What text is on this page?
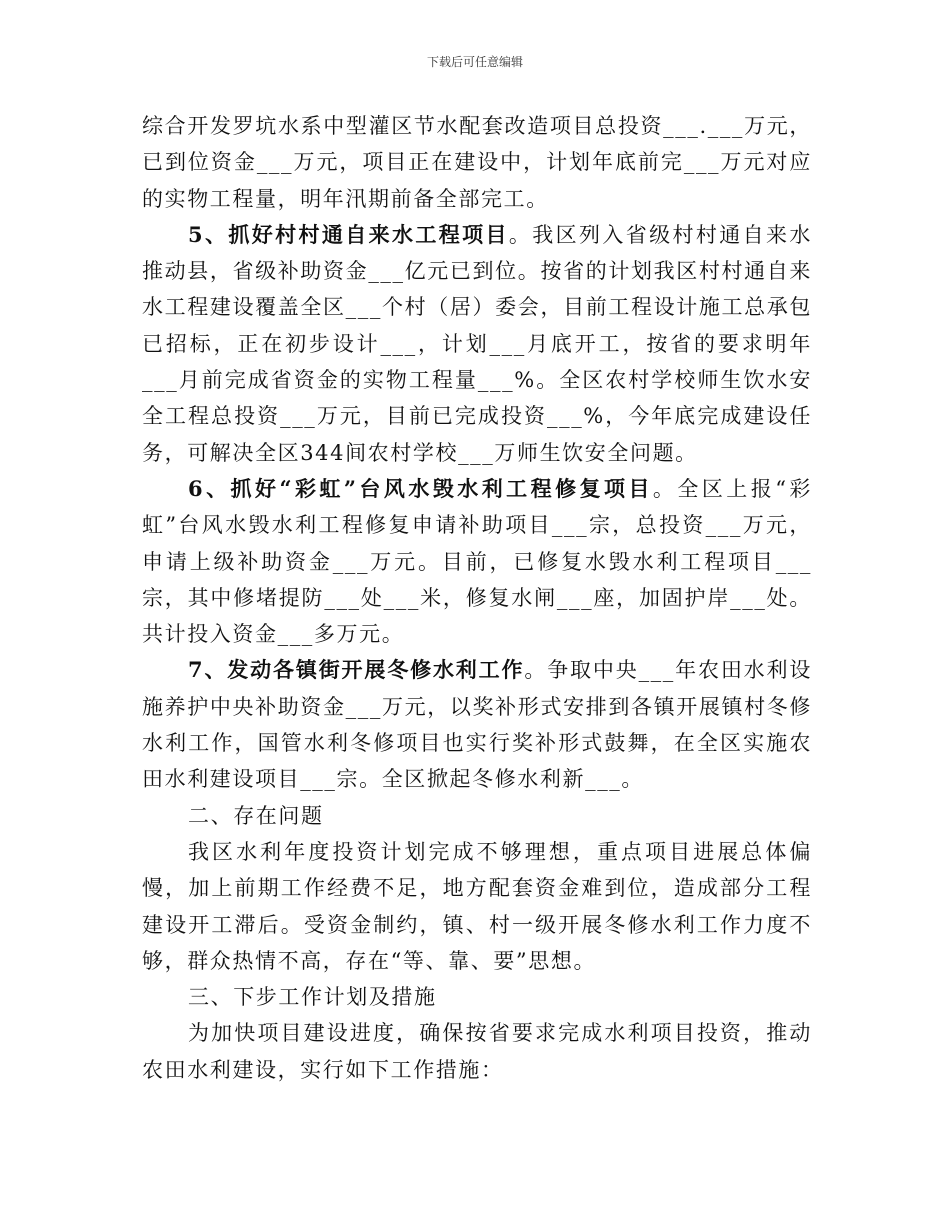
下载后可任意编辑

综合开发罗坑水系中型灌区节水配套改造项目总投资___.___万元，已到位资金___万元，项目正在建设中，计划年底前完___万元对应的实物工程量，明年汛期前备全部完工。

5、抓好村村通自来水工程项目。我区列入省级村村通自来水推动县，省级补助资金___亿元已到位。按省的计划我区村村通自来水工程建设覆盖全区___个村（居）委会，目前工程设计施工总承包已招标，正在初步设计___，计划___月底开工，按省的要求明年___月前完成省资金的实物工程量___%。全区农村学校师生饮水安全工程总投资___万元，目前已完成投资___%，今年底完成建设任务，可解决全区344间农村学校___万师生饮安全问题。

6、抓好“彩虹”台风水毁水利工程修复项目。全区上报“彩虹”台风水毁水利工程修复申请补助项目___宗，总投资___万元，申请上级补助资金___万元。目前，已修复水毁水利工程项目___宗，其中修堵提防___处___米，修复水闸___座，加固护岸___处。共计投入资金___多万元。

7、发动各镇街开展冬修水利工作。争取中央___年农田水利设施养护中央补助资金___万元，以奖补形式安排到各镇开展镇村冬修水利工作，国管水利冬修项目也实行奖补形式鼓舞，在全区实施农田水利建设项目___宗。全区掀起冬修水利新___。

二、存在问题

我区水利年度投资计划完成不够理想，重点项目进展总体偏慢，加上前期工作经费不足，地方配套资金难到位，造成部分工程建设开工滞后。受资金制约，镇、村一级开展冬修水利工作力度不够，群众热情不高，存在“等、靠、要”思想。

三、下步工作计划及措施

为加快项目建设进度，确保按省要求完成水利项目投资，推动农田水利建设，实行如下工作措施：
